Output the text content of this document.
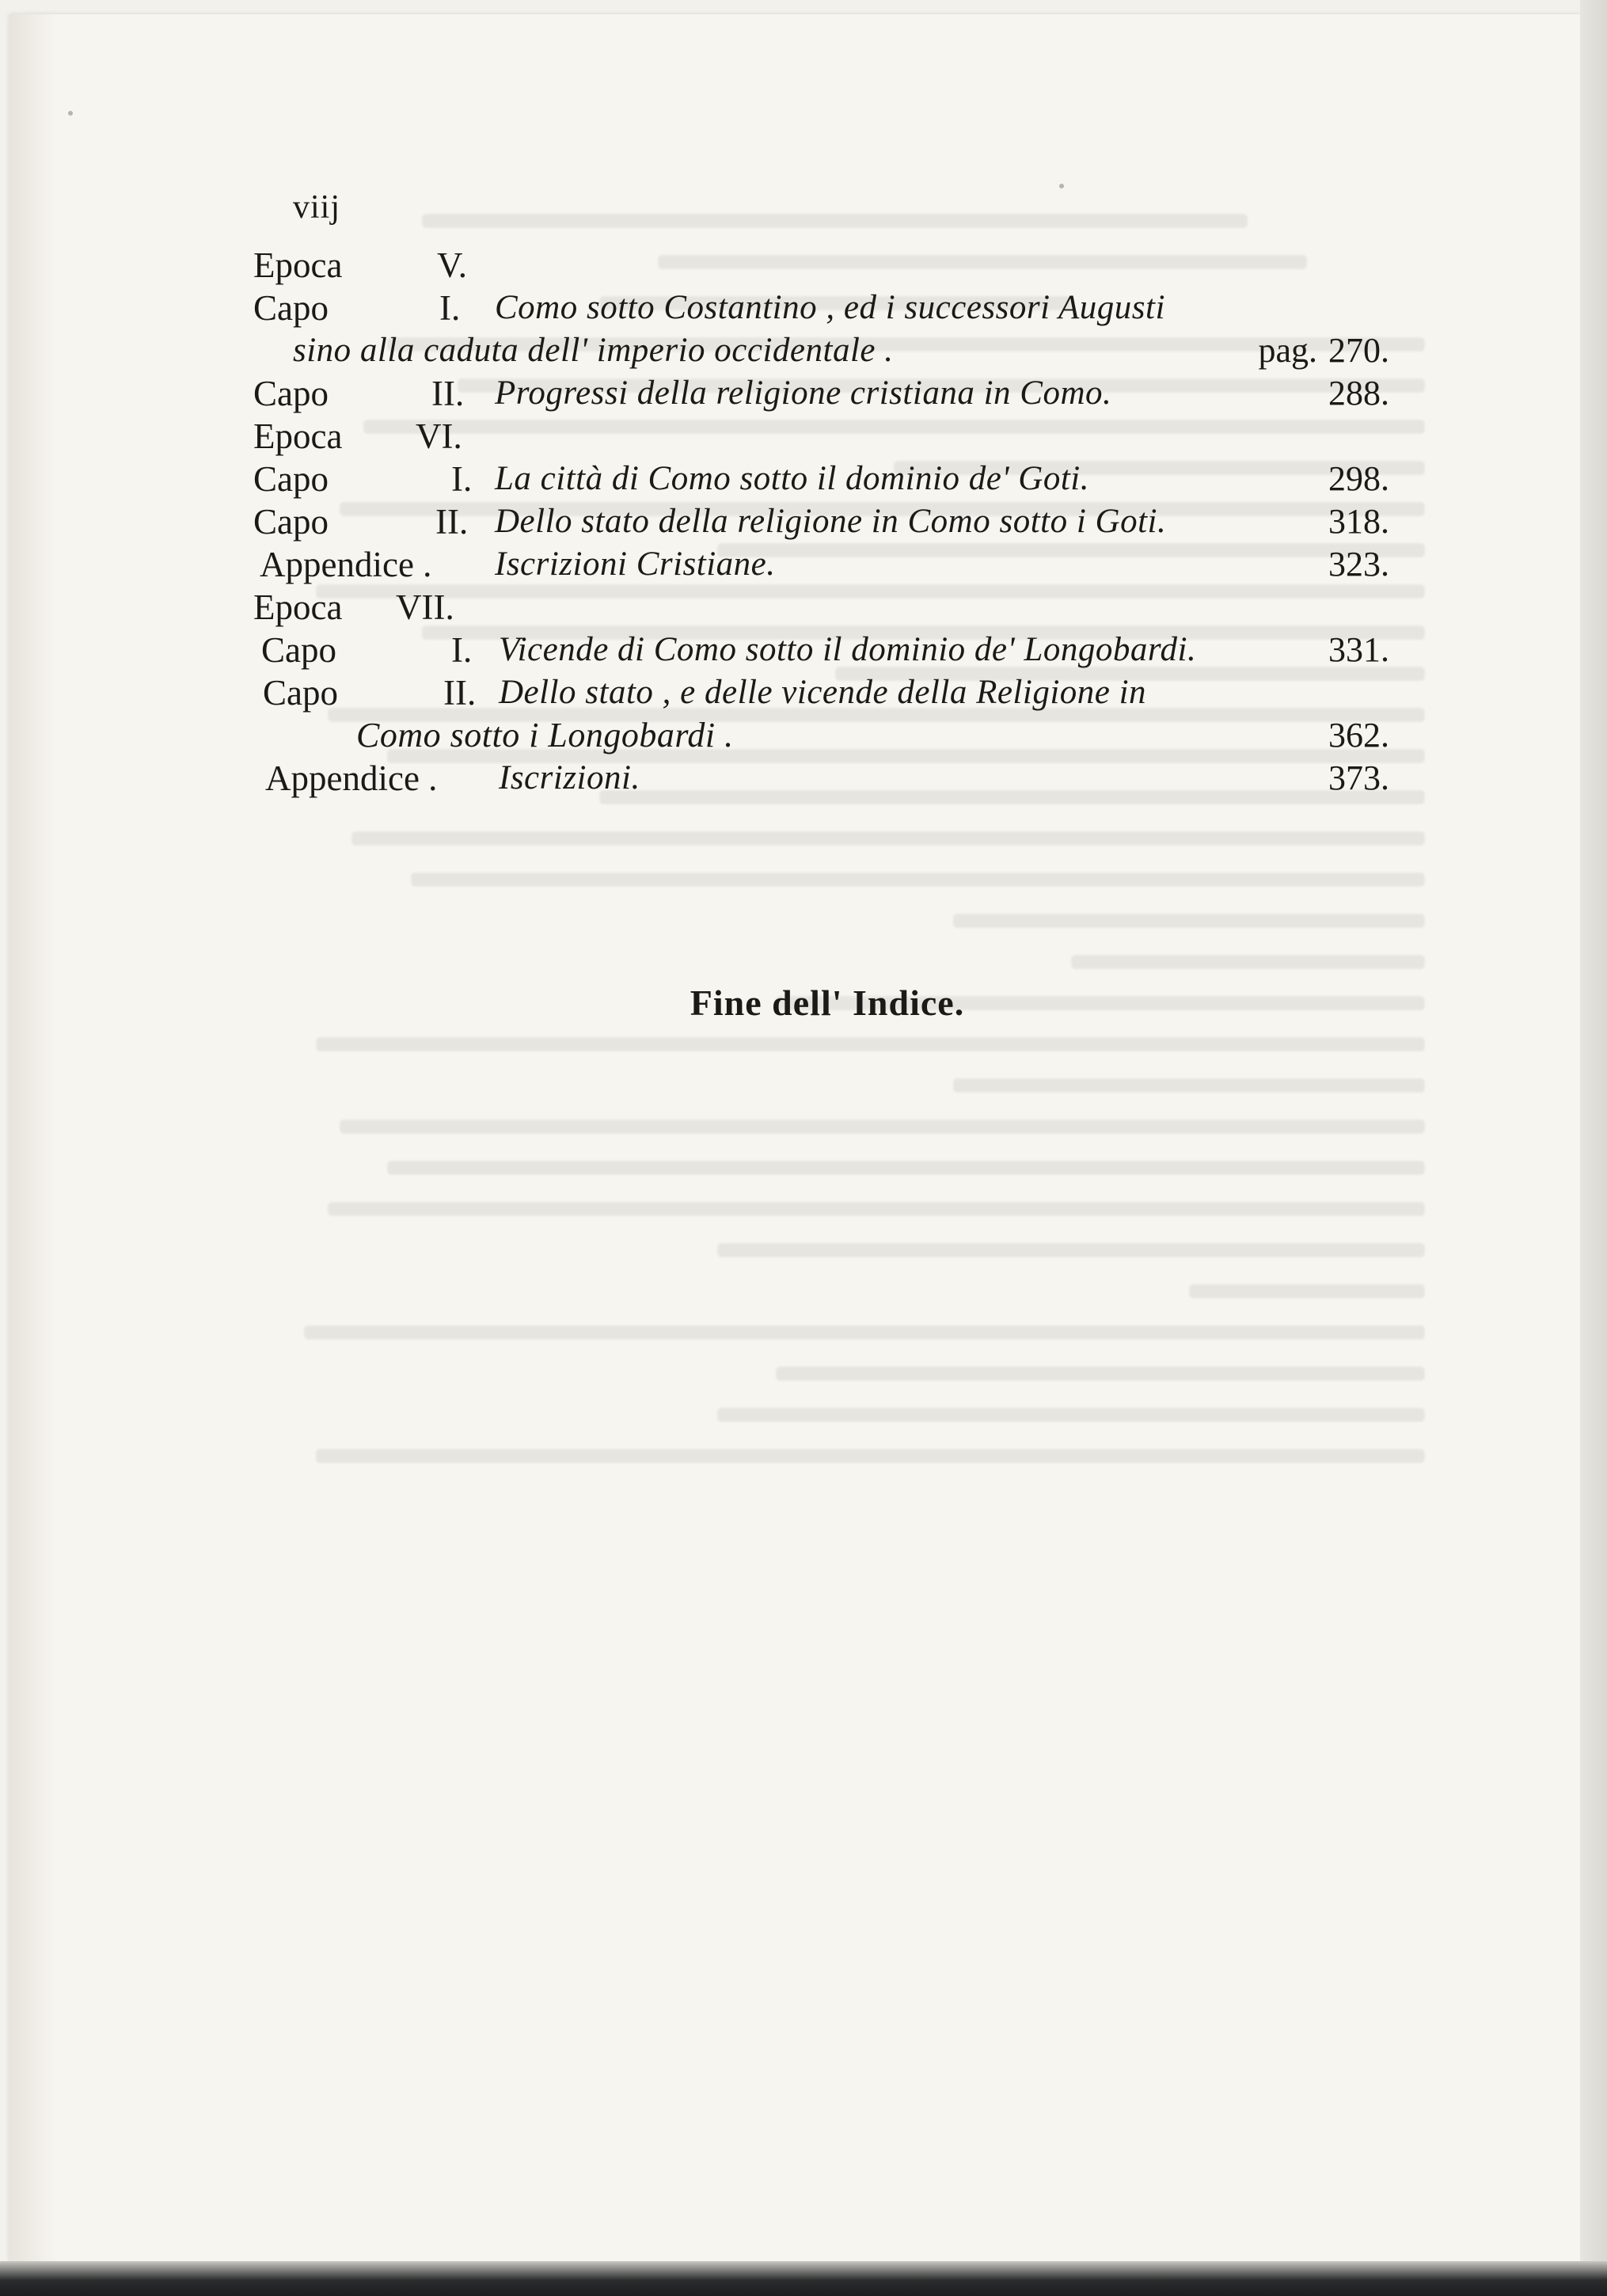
viij
Epoca	V.
Capo	I. Como sotto Costantino , ed i successori Augusti
sino alla caduta dell' imperio occidentale .	pag. 270.
Capo	II. Progressi della religione cristiana in Como.	288.
Epoca VI.
Capo	I. La città di Como sotto il dominio de' Goti.	298.
Capo	II. Dello stato della religione in Como sotto i Goti.	318.
Appendice . Iscrizioni Cristiane.	323.
Epoca VII.
Capo	I. Vicende di Como sotto il dominio de' Longobardi.	331.
Capo	II. Dello stato , e delle vicende della Religione in
Como sotto i Longobardi .	362.
Appendice . Iscrizioni.	373.
Fine dell' Indice.
